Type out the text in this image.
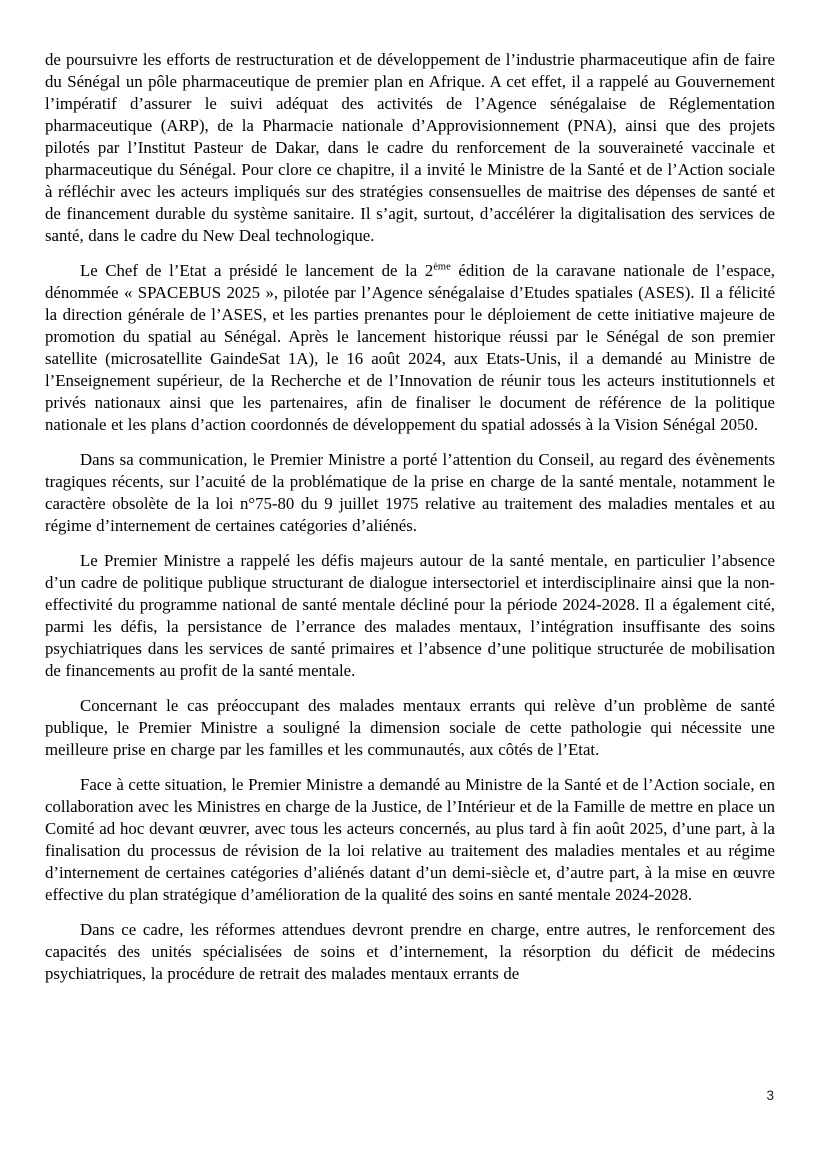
de poursuivre les efforts de restructuration et de développement de l’industrie pharmaceutique afin de faire du Sénégal un pôle pharmaceutique de premier plan en Afrique. A cet effet, il a rappelé au Gouvernement l’impératif d’assurer le suivi adéquat des activités de l’Agence sénégalaise de Réglementation pharmaceutique (ARP), de la Pharmacie nationale d’Approvisionnement (PNA), ainsi que des projets pilotés par l’Institut Pasteur de Dakar, dans le cadre du renforcement de la souveraineté vaccinale et pharmaceutique du Sénégal. Pour clore ce chapitre, il a invité le Ministre de la Santé et de l’Action sociale à réfléchir avec les acteurs impliqués sur des stratégies consensuelles de maitrise des dépenses de santé et de financement durable du système sanitaire. Il s’agit, surtout, d’accélérer la digitalisation des services de santé, dans le cadre du New Deal technologique.

Le Chef de l’Etat a présidé le lancement de la 2ème édition de la caravane nationale de l’espace, dénommée « SPACEBUS 2025 », pilotée par l’Agence sénégalaise d’Etudes spatiales (ASES). Il a félicité la direction générale de l’ASES, et les parties prenantes pour le déploiement de cette initiative majeure de promotion du spatial au Sénégal. Après le lancement historique réussi par le Sénégal de son premier satellite (microsatellite GaindeSat 1A), le 16 août 2024, aux Etats-Unis, il a demandé au Ministre de l’Enseignement supérieur, de la Recherche et de l’Innovation de réunir tous les acteurs institutionnels et privés nationaux ainsi que les partenaires, afin de finaliser le document de référence de la politique nationale et les plans d’action coordonnés de développement du spatial adossés à la Vision Sénégal 2050.

Dans sa communication, le Premier Ministre a porté l’attention du Conseil, au regard des évènements tragiques récents, sur l’acuité de la problématique de la prise en charge de la santé mentale, notamment le caractère obsolète de la loi n°75-80 du 9 juillet 1975 relative au traitement des maladies mentales et au régime d’internement de certaines catégories d’aliénés.

Le Premier Ministre a rappelé les défis majeurs autour de la santé mentale, en particulier l’absence d’un cadre de politique publique structurant de dialogue intersectoriel et interdisciplinaire ainsi que la non-effectivité du programme national de santé mentale décliné pour la période 2024-2028. Il a également cité, parmi les défis, la persistance de l’errance des malades mentaux, l’intégration insuffisante des soins psychiatriques dans les services de santé primaires et l’absence d’une politique structurée de mobilisation de financements au profit de la santé mentale.

Concernant le cas préoccupant des malades mentaux errants qui relève d’un problème de santé publique, le Premier Ministre a souligné la dimension sociale de cette pathologie qui nécessite une meilleure prise en charge par les familles et les communautés, aux côtés de l’Etat.

Face à cette situation, le Premier Ministre a demandé au Ministre de la Santé et de l’Action sociale, en collaboration avec les Ministres en charge de la Justice, de l’Intérieur et de la Famille de mettre en place un Comité ad hoc devant œuvrer, avec tous les acteurs concernés, au plus tard à fin août 2025, d’une part, à la finalisation du processus de révision de la loi relative au traitement des maladies mentales et au régime d’internement de certaines catégories d’aliénés datant d’un demi-siècle et, d’autre part, à la mise en œuvre effective du plan stratégique d’amélioration de la qualité des soins en santé mentale 2024-2028.

Dans ce cadre, les réformes attendues devront prendre en charge, entre autres, le renforcement des capacités des unités spécialisées de soins et d’internement, la résorption du déficit de médecins psychiatriques, la procédure de retrait des malades mentaux errants de

3
